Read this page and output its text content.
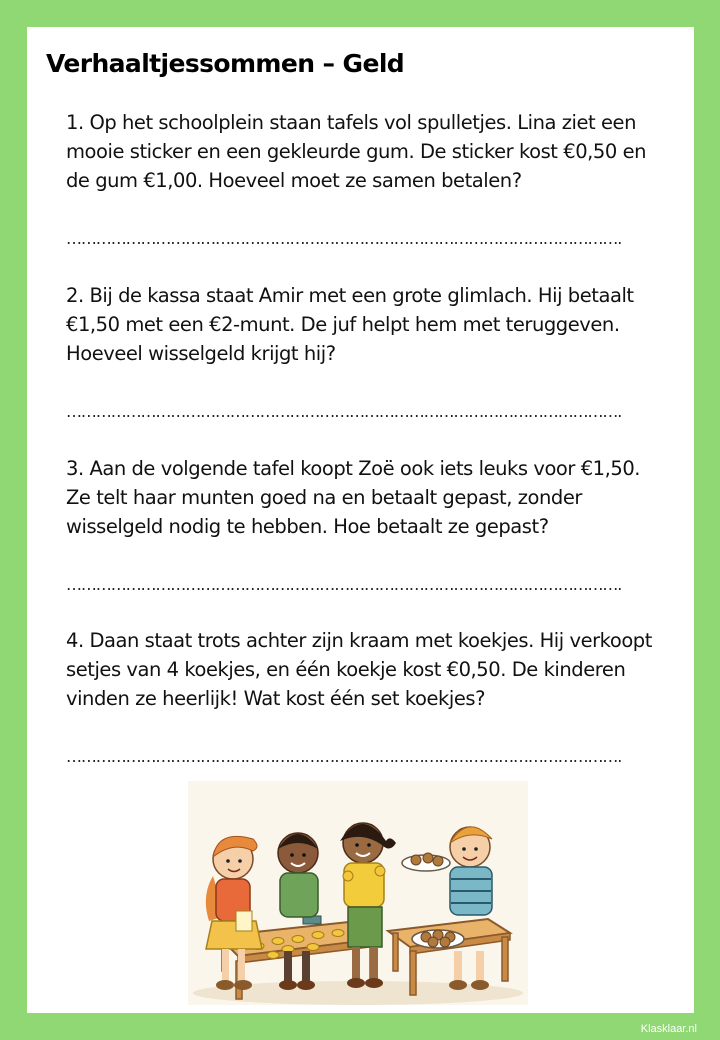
Verhaaltjessommen – Geld
1. Op het schoolplein staan tafels vol spulletjes. Lina ziet een mooie sticker en een gekleurde gum. De sticker kost €0,50 en de gum €1,00. Hoeveel moet ze samen betalen?
………………………………………………………………………………………………….
2. Bij de kassa staat Amir met een grote glimlach. Hij betaalt €1,50 met een €2-munt. De juf helpt hem met teruggeven. Hoeveel wisselgeld krijgt hij?
………………………………………………………………………………………………….
3. Aan de volgende tafel koopt Zoë ook iets leuks voor €1,50. Ze telt haar munten goed na en betaalt gepast, zonder wisselgeld nodig te hebben. Hoe betaalt ze gepast?
………………………………………………………………………………………………….
4. Daan staat trots achter zijn kraam met koekjes. Hij verkoopt setjes van 4 koekjes, en één koekje kost €0,50. De kinderen vinden ze heerlijk! Wat kost één set koekjes?
………………………………………………………………………………………………….
Klasklaar.nl
